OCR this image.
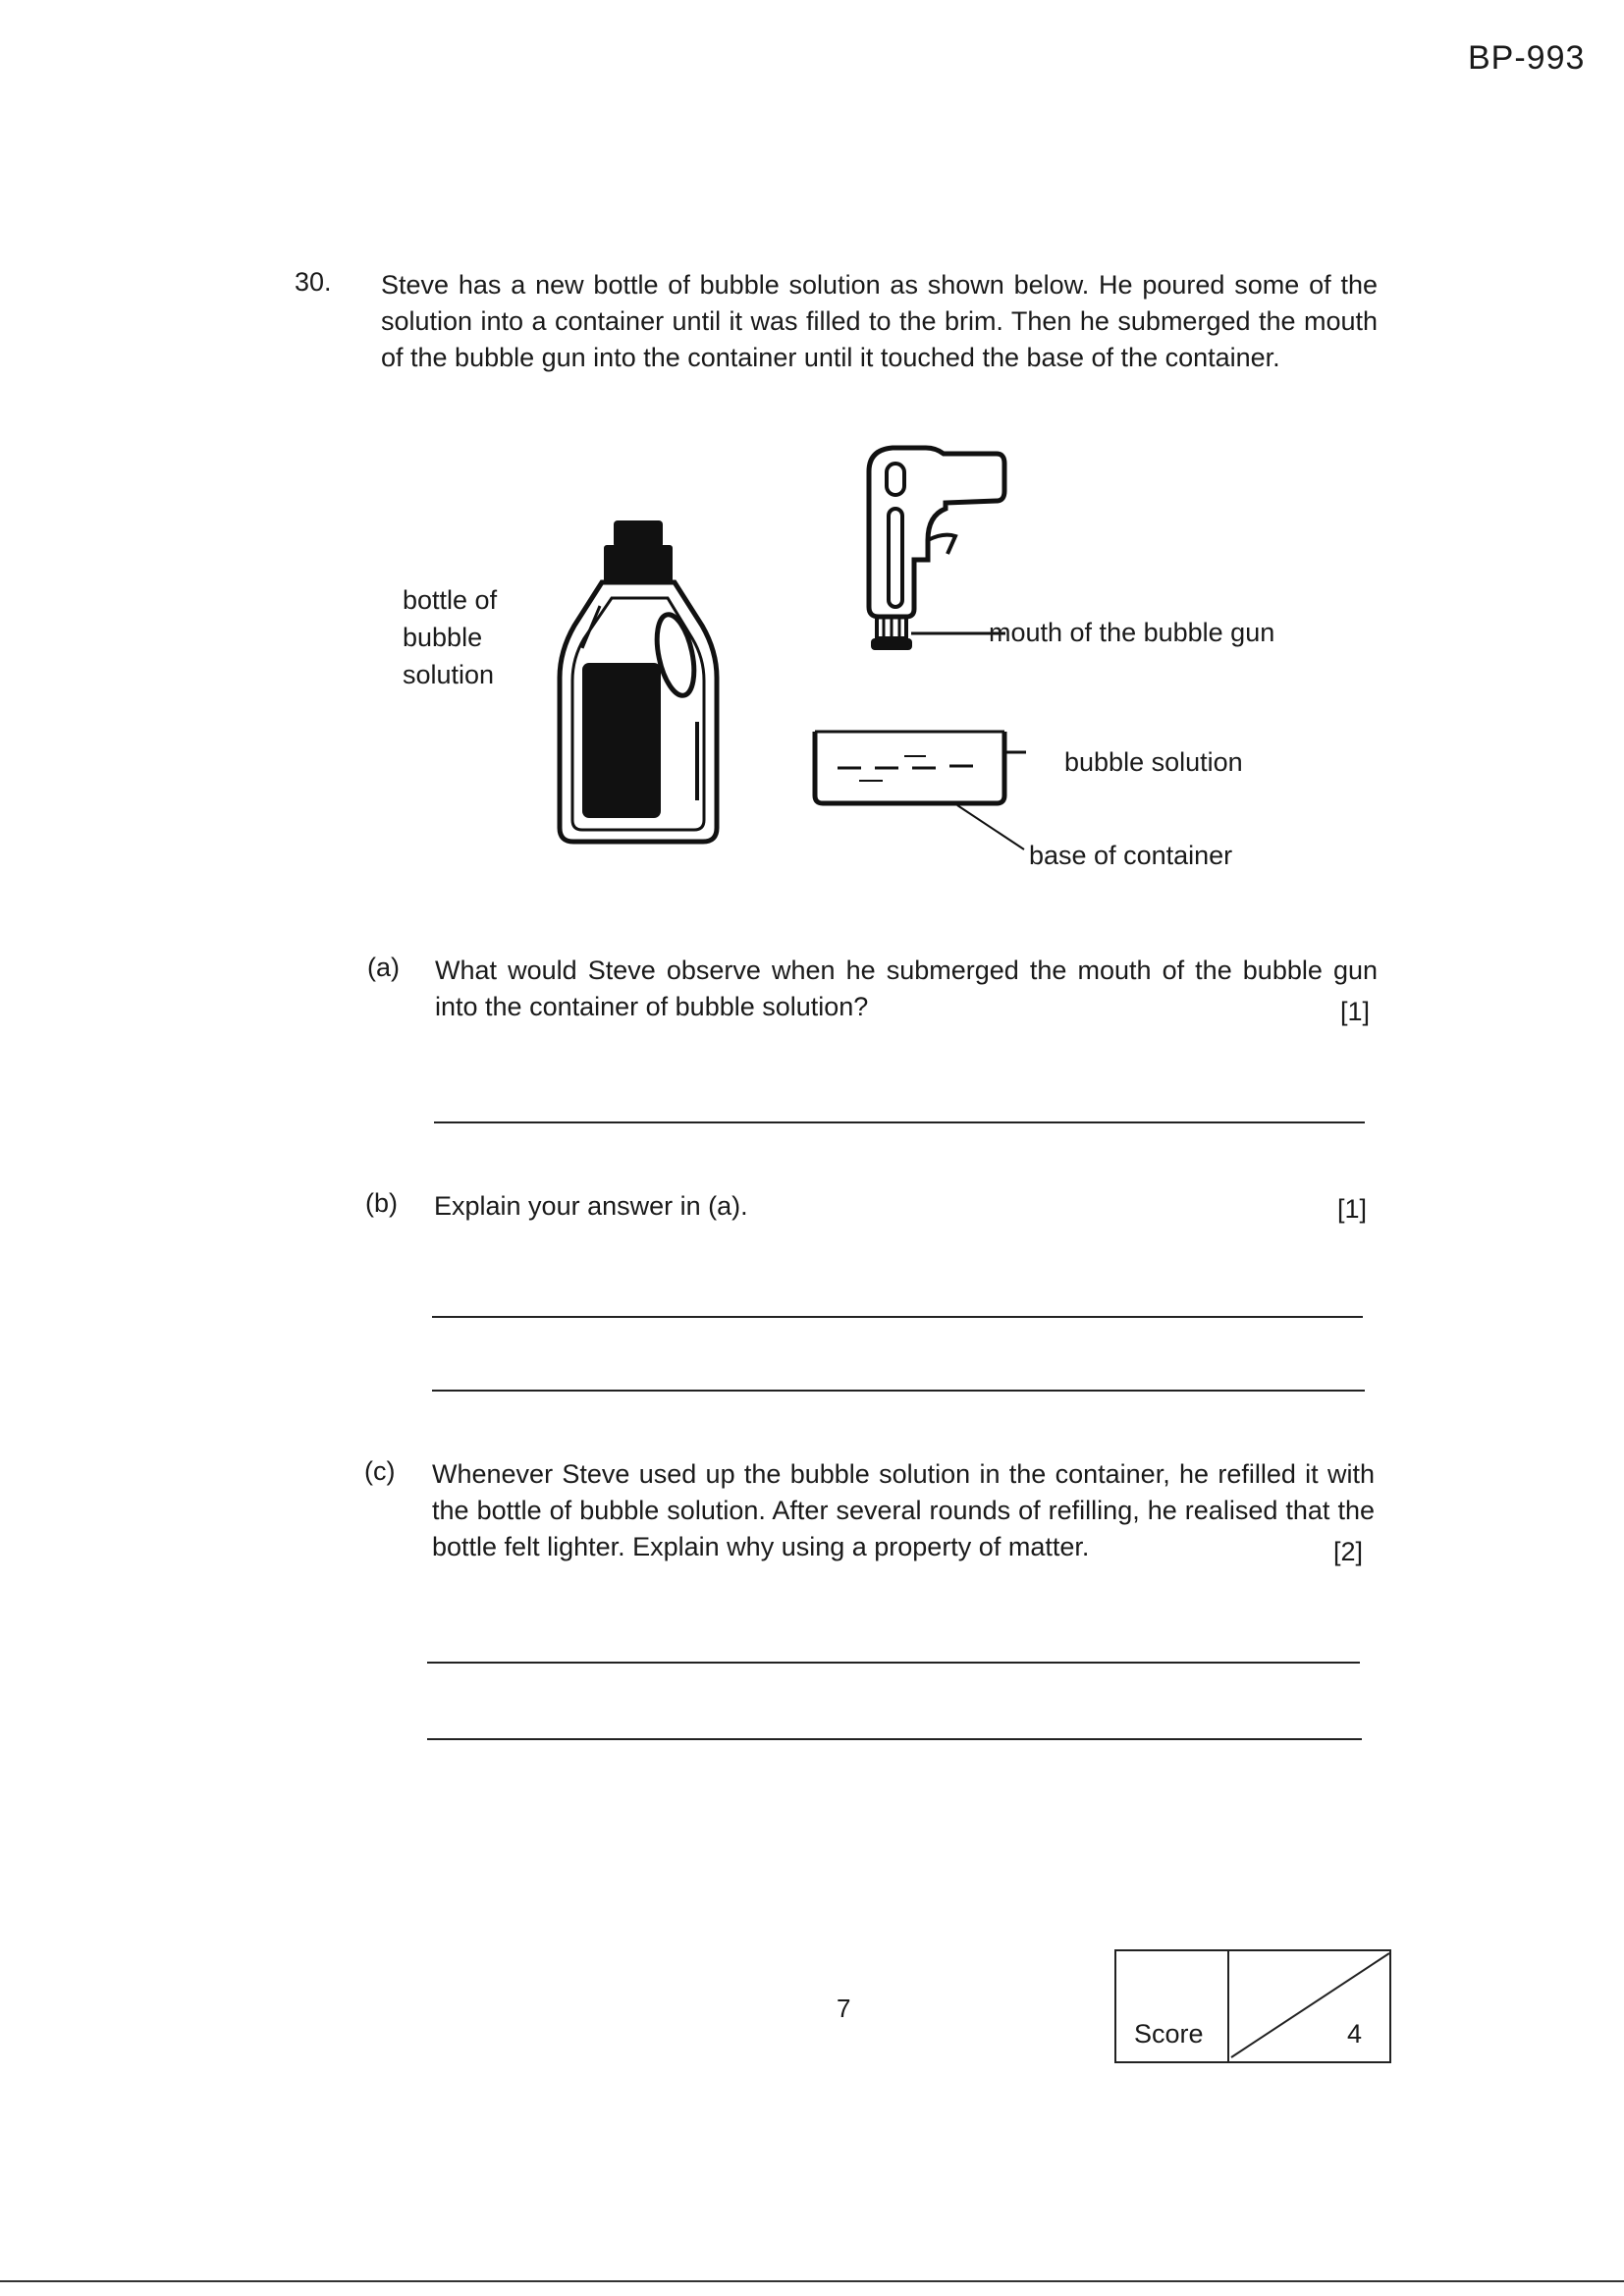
BP-993
30. Steve has a new bottle of bubble solution as shown below. He poured some of the solution into a container until it was filled to the brim. Then he submerged the mouth of the bubble gun into the container until it touched the base of the container.
bottle of
bubble
solution
mouth of the bubble gun
bubble solution
base of container
(a) What would Steve observe when he submerged the mouth of the bubble gun into the container of bubble solution?	[1]
(b) Explain your answer in (a).	[1]
(c) Whenever Steve used up the bubble solution in the container, he refilled it with the bottle of bubble solution. After several rounds of refilling, he realised that the bottle felt lighter. Explain why using a property of matter.	[2]
7
Score	4
